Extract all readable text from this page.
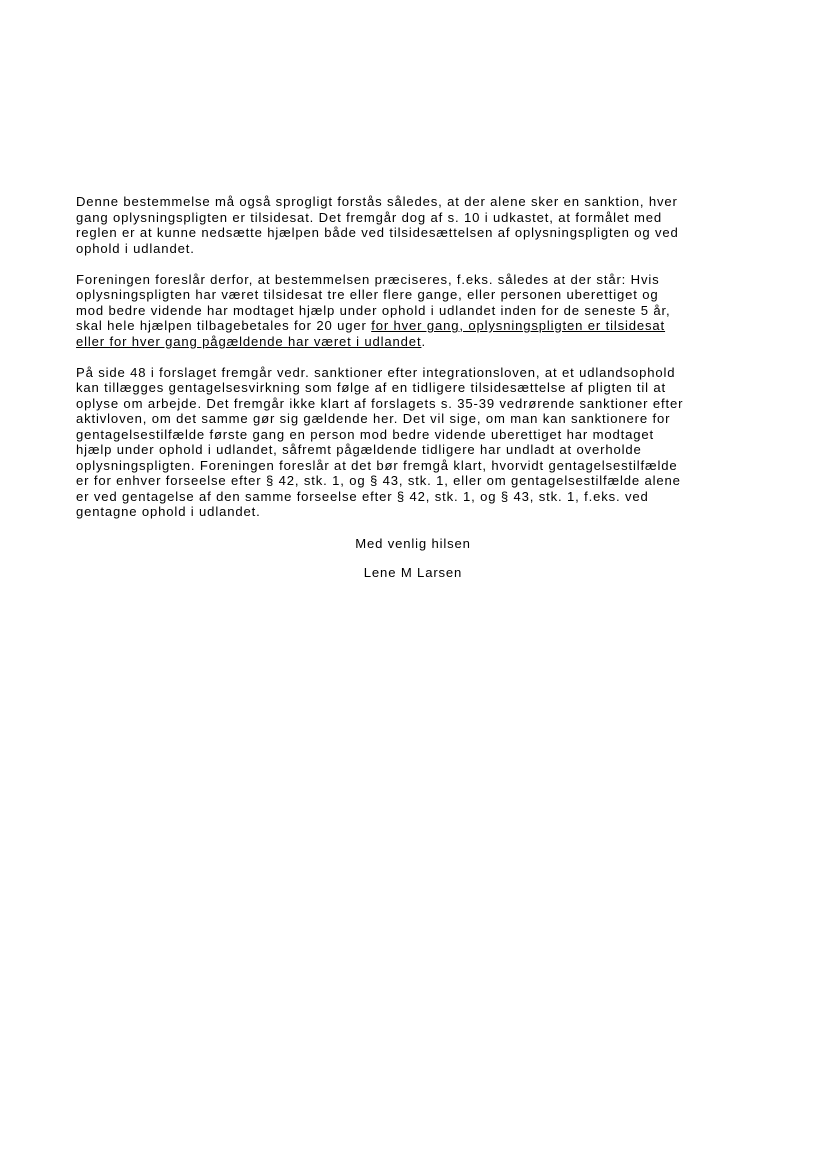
Denne bestemmelse må også sprogligt forstås således, at der alene sker en sanktion, hver
gang oplysningspligten er tilsidesat. Det fremgår dog af s. 10 i udkastet, at formålet med
reglen er at kunne nedsætte hjælpen både ved tilsidesættelsen af oplysningspligten og ved
ophold i udlandet.

Foreningen foreslår derfor, at bestemmelsen præciseres, f.eks. således at der står: Hvis
oplysningspligten har været tilsidesat tre eller flere gange, eller personen uberettiget og
mod bedre vidende har modtaget hjælp under ophold i udlandet inden for de seneste 5 år,
skal hele hjælpen tilbagebetales for 20 uger for hver gang, oplysningspligten er tilsidesat
eller for hver gang pågældende har været i udlandet.

På side 48 i forslaget fremgår vedr. sanktioner efter integrationsloven, at et udlandsophold
kan tillægges gentagelsesvirkning som følge af en tidligere tilsidesættelse af pligten til at
oplyse om arbejde. Det fremgår ikke klart af forslagets s. 35-39 vedrørende sanktioner efter
aktivloven, om det samme gør sig gældende her. Det vil sige, om man kan sanktionere for
gentagelsestilfælde første gang en person mod bedre vidende uberettiget har modtaget
hjælp under ophold i udlandet, såfremt pågældende tidligere har undladt at overholde
oplysningspligten. Foreningen foreslår at det bør fremgå klart, hvorvidt gentagelsestilfælde
er for enhver forseelse efter § 42, stk. 1, og § 43, stk. 1, eller om gentagelsestilfælde alene
er ved gentagelse af den samme forseelse efter § 42, stk. 1, og § 43, stk. 1, f.eks. ved
gentagne ophold i udlandet.

Med venlig hilsen
Lene M Larsen
